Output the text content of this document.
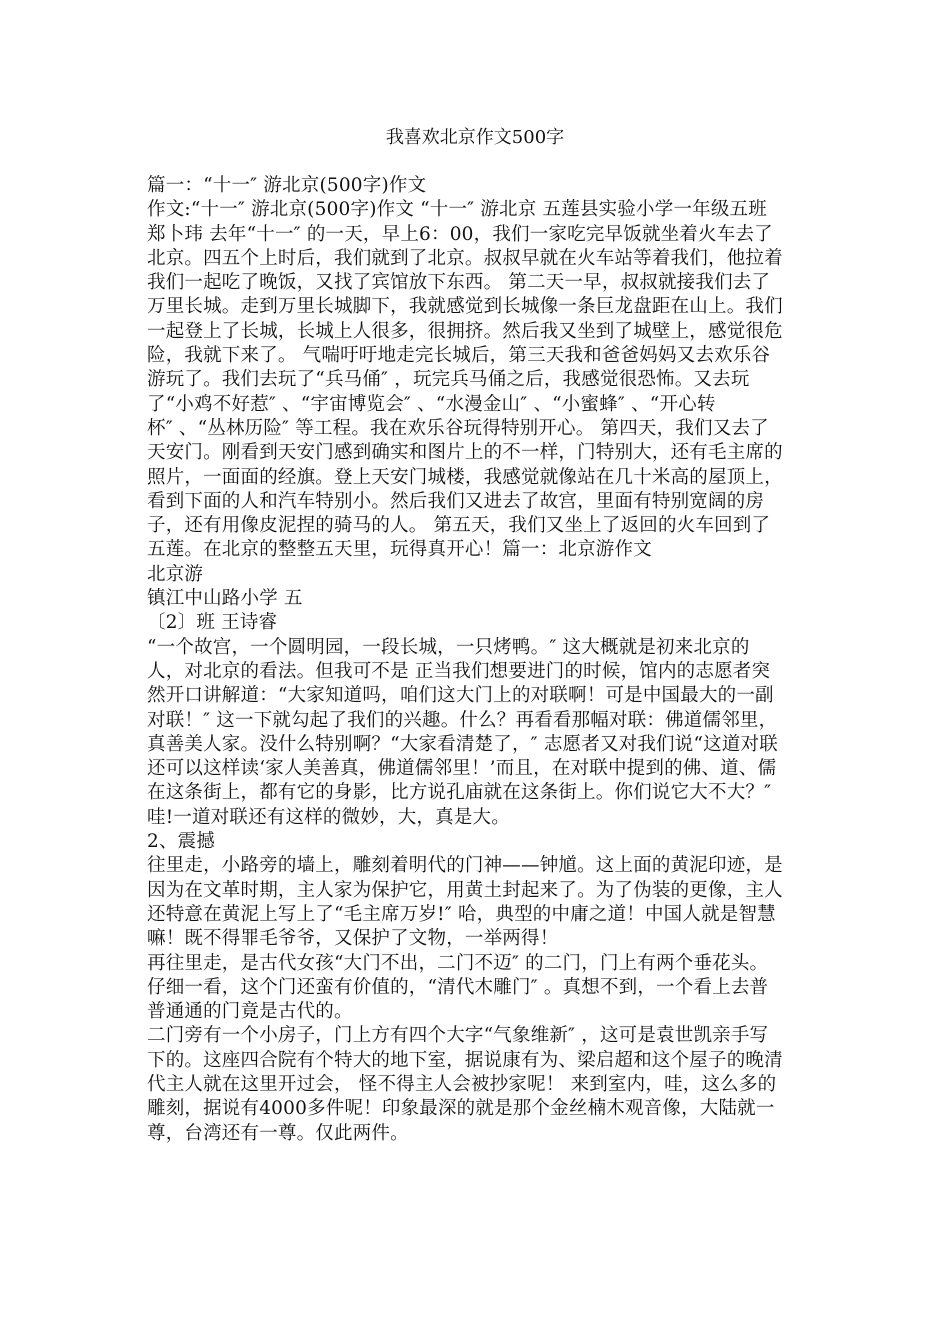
我喜欢北京作文500字
篇一：“十一″ 游北京(500字)作文
作文:“十一″ 游北京(500字)作文 “十一″ 游北京 五莲县实验小学一年级五班
郑卜玮 去年“十一″ 的一天，早上6：00，我们一家吃完早饭就坐着火车去了
北京。四五个上时后，我们就到了北京。叔叔早就在火车站等着我们，他拉着
我们一起吃了晚饭，又找了宾馆放下东西。 第二天一早，叔叔就接我们去了
万里长城。走到万里长城脚下，我就感觉到长城像一条巨龙盘距在山上。我们
一起登上了长城，长城上人很多，很拥挤。然后我又坐到了城壁上，感觉很危
险，我就下来了。 气喘吁吁地走完长城后，第三天我和爸爸妈妈又去欢乐谷
游玩了。我们去玩了“兵马俑″ ，玩完兵马俑之后，我感觉很恐怖。又去玩
了“小鸡不好惹″ 、“宇宙博览会″ 、“水漫金山″ 、“小蜜蜂″ 、“开心转
杯″ 、“丛林历险″ 等工程。我在欢乐谷玩得特别开心。 第四天，我们又去了
天安门。刚看到天安门感到确实和图片上的不一样，门特别大，还有毛主席的
照片，一面面的经旗。登上天安门城楼，我感觉就像站在几十米高的屋顶上，
看到下面的人和汽车特别小。然后我们又进去了故宫，里面有特别宽阔的房
子，还有用像皮泥捏的骑马的人。 第五天，我们又坐上了返回的火车回到了
五莲。在北京的整整五天里，玩得真开心！篇一：北京游作文
北京游
镇江中山路小学 五
〔2〕班 王诗睿
“一个故宫，一个圆明园，一段长城，一只烤鸭。″ 这大概就是初来北京的
人，对北京的看法。但我可不是 正当我们想要进门的时候，馆内的志愿者突
然开口讲解道：“大家知道吗，咱们这大门上的对联啊！可是中国最大的一副
对联！″ 这一下就勾起了我们的兴趣。什么？再看看那幅对联：佛道儒邻里，
真善美人家。没什么特别啊？“大家看清楚了，″ 志愿者又对我们说“这道对联
还可以这样读‘家人美善真，佛道儒邻里！’而且，在对联中提到的佛、道、儒
在这条街上，都有它的身影，比方说孔庙就在这条街上。你们说它大不大？″
哇!一道对联还有这样的微妙，大，真是大。
2、震撼
往里走，小路旁的墙上，雕刻着明代的门神——钟馗。这上面的黄泥印迹，是
因为在文革时期，主人家为保护它，用黄土封起来了。为了伪装的更像，主人
还特意在黄泥上写上了“毛主席万岁!″ 哈，典型的中庸之道！中国人就是智慧
嘛！既不得罪毛爷爷，又保护了文物，一举两得！
再往里走，是古代女孩“大门不出，二门不迈″ 的二门，门上有两个垂花头。
仔细一看，这个门还蛮有价值的，“清代木雕门″ 。真想不到，一个看上去普
普通通的门竟是古代的。
二门旁有一个小房子，门上方有四个大字“气象维新″ ，这可是袁世凯亲手写
下的。这座四合院有个特大的地下室，据说康有为、梁启超和这个屋子的晚清
代主人就在这里开过会， 怪不得主人会被抄家呢！ 来到室内，哇，这么多的
雕刻，据说有4000多件呢！印象最深的就是那个金丝楠木观音像，大陆就一
尊，台湾还有一尊。仅此两件。
